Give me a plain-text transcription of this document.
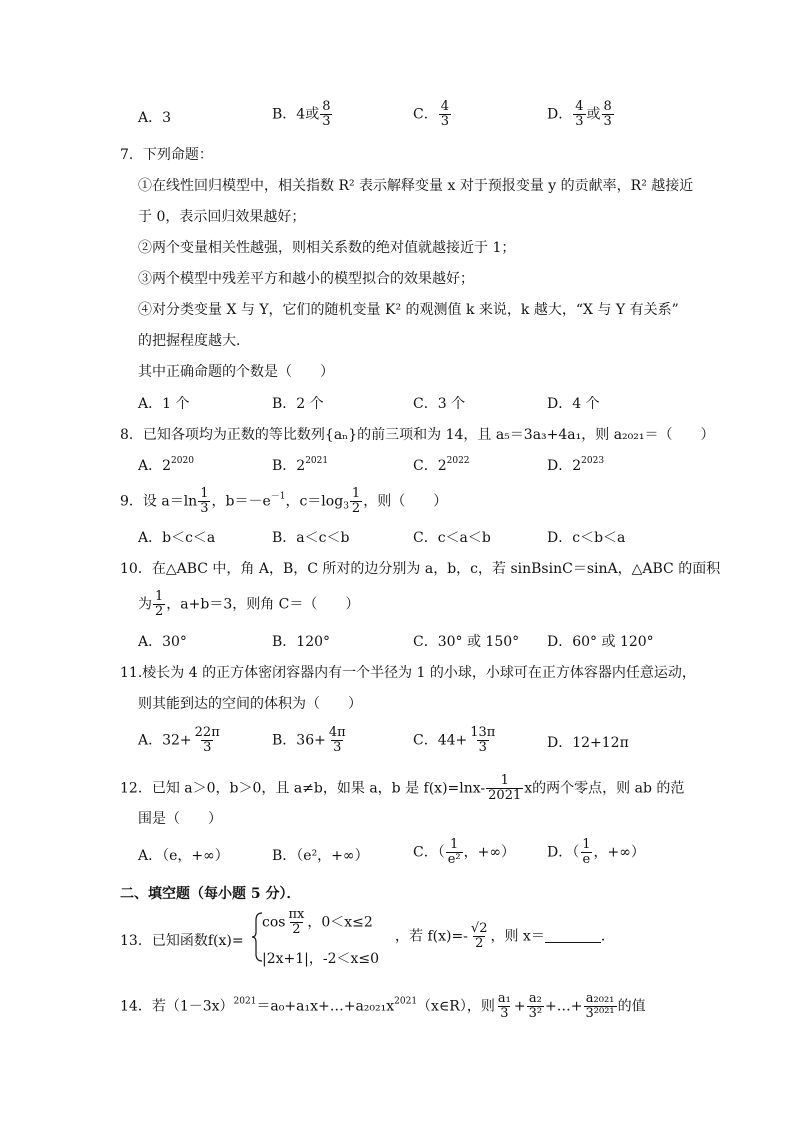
A．3	B．4或 $\frac{8}{3}$	C． $\frac{4}{3}$	D． $\frac{4}{3}$ 或 $\frac{8}{3}$
7．下列命题：
①在线性回归模型中，相关指数 R² 表示解释变量 x 对于预报变量 y 的贡献率，R² 越接近
于 0，表示回归效果越好；
②两个变量相关性越强，则相关系数的绝对值就越接近于 1；
③两个模型中残差平方和越小的模型拟合的效果越好；
④对分类变量 X 与 Y，它们的随机变量 K² 的观测值 k 来说，k 越大，“X 与 Y 有关系”
的把握程度越大．
其中正确命题的个数是（　　）
A．1 个	B．2 个	C．3 个	D．4 个
8．已知各项均为正数的等比数列{aₙ}的前三项和为 14，且 a₅＝3a₃+4a₁，则 a₂₀₂₁＝（　　）
A．$2^{2020}$	B．$2^{2021}$	C．$2^{2022}$	D．$2^{2023}$
9．设 $a=\ln \frac{1}{3}$ ，$b=-e^{-1}$，$c=\log_3 \frac{1}{2}$ ，则（　　）
A．b＜c＜a	B．a＜c＜b	C．c＜a＜b	D．c＜b＜a
10．在△ABC 中，角 A，B，C 所对的边分别为 a，b，c，若 sinBsinC＝sinA，△ABC 的面积
为 $\frac{1}{2}$ ，a+b＝3，则角 C＝（　　）
A．30°	B．120°	C．30° 或 150° D．60° 或 120°
11.棱长为 4 的正方体密闭容器内有一个半径为 1 的小球，小球可在正方体容器内任意运动，
则其能到达的空间的体积为（　　）
A．$32+ \frac{22\pi}{3}$	B．$36+ \frac{4\pi}{3}$	C．$44+ \frac{13\pi}{3}$	D．12+12π
12．已知 a＞0，b＞0，且 a≠b，如果 a，b 是 $f(x)=\ln x- \frac{1}{2021}$ x的两个零点，则 ab 的范
围是（　　）
A．（e，+∞）	B．（e²，+∞）	C．（ $\frac{1}{\text{e²}}$ ，+∞） D．（ $\frac{1}{e}$ ，+∞）
二、填空题（每小题 5 分）．
13．已知函数f(x)=
$\cos \frac{\pi x}{2}$ ，0＜x≤2
|2x+1|，-2＜x≤0
，若 $f(x)=- \frac{√2}{2}$ ，则 x＝	．
14．若$(1-3x)^{2021}=a_0+a_1x+\dots+a_{2021}x^{2021}(x\in R)$，则 $\frac{\text{a₁}}{3} + \frac{\text{a₂}}{\text{3²}}$ +…+ $\frac{\text{a₂₀₂₁}}{\text{3²⁰²¹}}$ 的值
